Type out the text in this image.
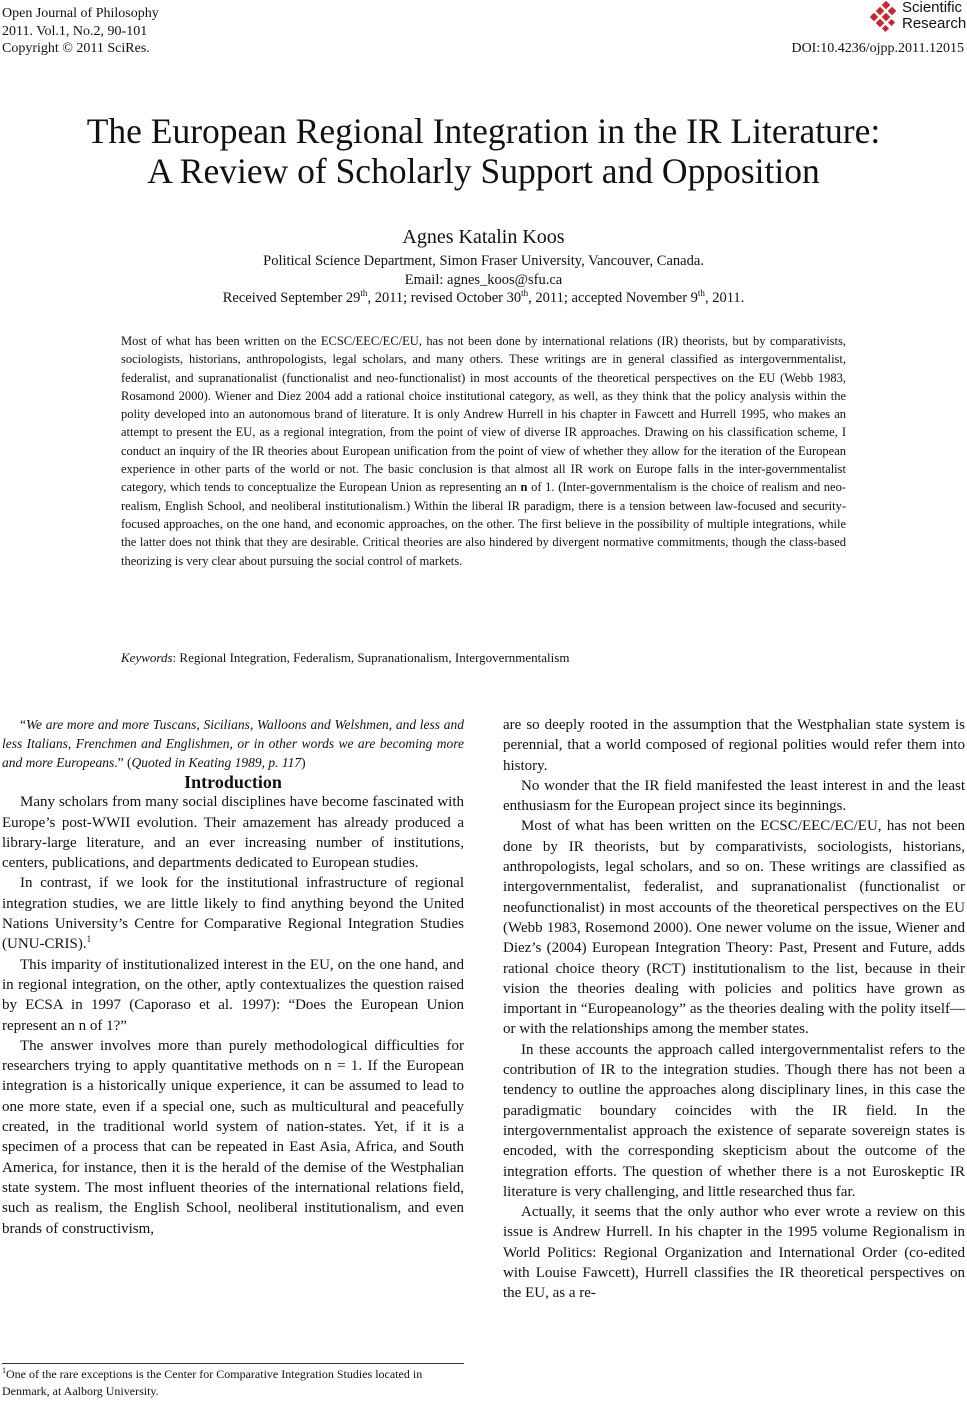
Open Journal of Philosophy
2011. Vol.1, No.2, 90-101
Copyright © 2011 SciRes.
Scientific
Research
DOI:10.4236/ojpp.2011.12015
The European Regional Integration in the IR Literature:
A Review of Scholarly Support and Opposition
Agnes Katalin Koos
Political Science Department, Simon Fraser University, Vancouver, Canada.
Email: agnes_koos@sfu.ca
Received September 29th, 2011; revised October 30th, 2011; accepted November 9th, 2011.
Most of what has been written on the ECSC/EEC/EC/EU, has not been done by international relations (IR) theorists, but by comparativists, sociologists, historians, anthropologists, legal scholars, and many others. These writings are in general classified as intergovernmentalist, federalist, and supranationalist (functionalist and neo-functionalist) in most accounts of the theoretical perspectives on the EU (Webb 1983, Rosamond 2000). Wiener and Diez 2004 add a rational choice institutional category, as well, as they think that the policy analysis within the polity developed into an autonomous brand of literature. It is only Andrew Hurrell in his chapter in Fawcett and Hurrell 1995, who makes an attempt to present the EU, as a regional integration, from the point of view of diverse IR approaches. Drawing on his classification scheme, I conduct an inquiry of the IR theories about European unification from the point of view of whether they allow for the iteration of the European experience in other parts of the world or not. The basic conclusion is that almost all IR work on Europe falls in the inter-governmentalist category, which tends to conceptualize the European Union as representing an n of 1. (Inter-governmentalism is the choice of realism and neo-realism, English School, and neoliberal institutionalism.) Within the liberal IR paradigm, there is a tension between law-focused and security-focused approaches, on the one hand, and economic approaches, on the other. The first believe in the possibility of multiple integrations, while the latter does not think that they are desirable. Critical theories are also hindered by divergent normative commitments, though the class-based theorizing is very clear about pursuing the social control of markets.
Keywords: Regional Integration, Federalism, Supranationalism, Intergovernmentalism

“We are more and more Tuscans, Sicilians, Walloons and Welshmen, and less and less Italians, Frenchmen and Englishmen, or in other words we are becoming more and more Europeans.” (Quoted in Keating 1989, p. 117)

Introduction

Many scholars from many social disciplines have become fascinated with Europe’s post-WWII evolution. Their amazement has already produced a library-large literature, and an ever increasing number of institutions, centers, publications, and departments dedicated to European studies.

In contrast, if we look for the institutional infrastructure of regional integration studies, we are little likely to find anything beyond the United Nations University’s Centre for Comparative Regional Integration Studies (UNU-CRIS).$^1$

This imparity of institutionalized interest in the EU, on the one hand, and in regional integration, on the other, aptly contextualizes the question raised by ECSA in 1997 (Caporaso et al. 1997): “Does the European Union represent an n of 1?”

The answer involves more than purely methodological difficulties for researchers trying to apply quantitative methods on n = 1. If the European integration is a historically unique experience, it can be assumed to lead to one more state, even if a special one, such as multicultural and peacefully created, in the traditional world system of nation-states. Yet, if it is a specimen of a process that can be repeated in East Asia, Africa, and South America, for instance, then it is the herald of the demise of the Westphalian state system. The most influent theories of the international relations field, such as realism, the English School, neoliberal institutionalism, and even brands of constructivism,

are so deeply rooted in the assumption that the Westphalian state system is perennial, that a world composed of regional polities would refer them into history.

No wonder that the IR field manifested the least interest in and the least enthusiasm for the European project since its beginnings.

Most of what has been written on the ECSC/EEC/EC/EU, has not been done by IR theorists, but by comparativists, sociologists, historians, anthropologists, legal scholars, and so on. These writings are classified as intergovernmentalist, federalist, and supranationalist (functionalist or neofunctionalist) in most accounts of the theoretical perspectives on the EU (Webb 1983, Rosemond 2000). One newer volume on the issue, Wiener and Diez’s (2004) European Integration Theory: Past, Present and Future, adds rational choice theory (RCT) institutionalism to the list, because in their vision the theories dealing with policies and politics have grown as important in “Europeanology” as the theories dealing with the polity itself—or with the relationships among the member states.

In these accounts the approach called intergovernmentalist refers to the contribution of IR to the integration studies. Though there has not been a tendency to outline the approaches along disciplinary lines, in this case the paradigmatic boundary coincides with the IR field. In the intergovernmentalist approach the existence of separate sovereign states is encoded, with the corresponding skepticism about the outcome of the integration efforts. The question of whether there is a not Euroskeptic IR literature is very challenging, and little researched thus far.

Actually, it seems that the only author who ever wrote a review on this issue is Andrew Hurrell. In his chapter in the 1995 volume Regionalism in World Politics: Regional Organization and International Order (co-edited with Louise Fawcett), Hurrell classifies the IR theoretical perspectives on the EU, as a re-

$^1$One of the rare exceptions is the Center for Comparative Integration Studies located in Denmark, at Aalborg University.
